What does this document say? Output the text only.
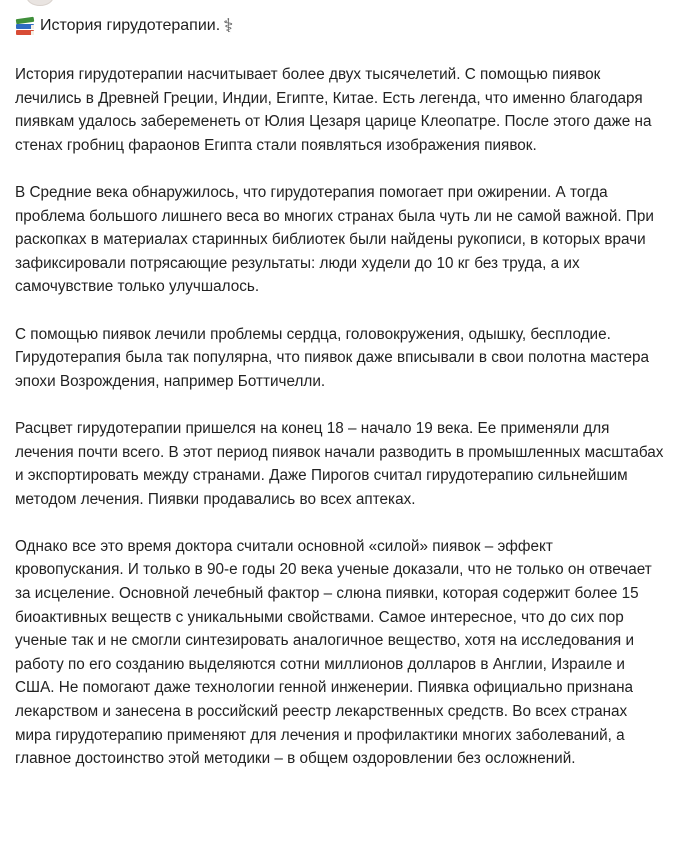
История гирудотерапии. ⚕

История гирудотерапии насчитывает более двух тысячелетий. С помощью пиявок лечились в Древней Греции, Индии, Египте, Китае. Есть легенда, что именно благодаря пиявкам удалось забеременеть от Юлия Цезаря царице Клеопатре. После этого даже на стенах гробниц фараонов Египта стали появляться изображения пиявок.

В Средние века обнаружилось, что гирудотерапия помогает при ожирении. А тогда проблема большого лишнего веса во многих странах была чуть ли не самой важной. При раскопках в материалах старинных библиотек были найдены рукописи, в которых врачи зафиксировали потрясающие результаты: люди худели до 10 кг без труда, а их самочувствие только улучшалось.

С помощью пиявок лечили проблемы сердца, головокружения, одышку, бесплодие. Гирудотерапия была так популярна, что пиявок даже вписывали в свои полотна мастера эпохи Возрождения, например Боттичелли.

Расцвет гирудотерапии пришелся на конец 18 – начало 19 века. Ее применяли для лечения почти всего. В этот период пиявок начали разводить в промышленных масштабах и экспортировать между странами. Даже Пирогов считал гирудотерапию сильнейшим методом лечения. Пиявки продавались во всех аптеках.

Однако все это время доктора считали основной «силой» пиявок – эффект кровопускания. И только в 90-е годы 20 века ученые доказали, что не только он отвечает за исцеление. Основной лечебный фактор – слюна пиявки, которая содержит более 15 биоактивных веществ с уникальными свойствами. Самое интересное, что до сих пор ученые так и не смогли синтезировать аналогичное вещество, хотя на исследования и работу по его созданию выделяются сотни миллионов долларов в Англии, Израиле и США. Не помогают даже технологии генной инженерии. Пиявка официально признана лекарством и занесена в российский реестр лекарственных средств. Во всех странах мира гирудотерапию применяют для лечения и профилактики многих заболеваний, а главное достоинство этой методики – в общем оздоровлении без осложнений.
